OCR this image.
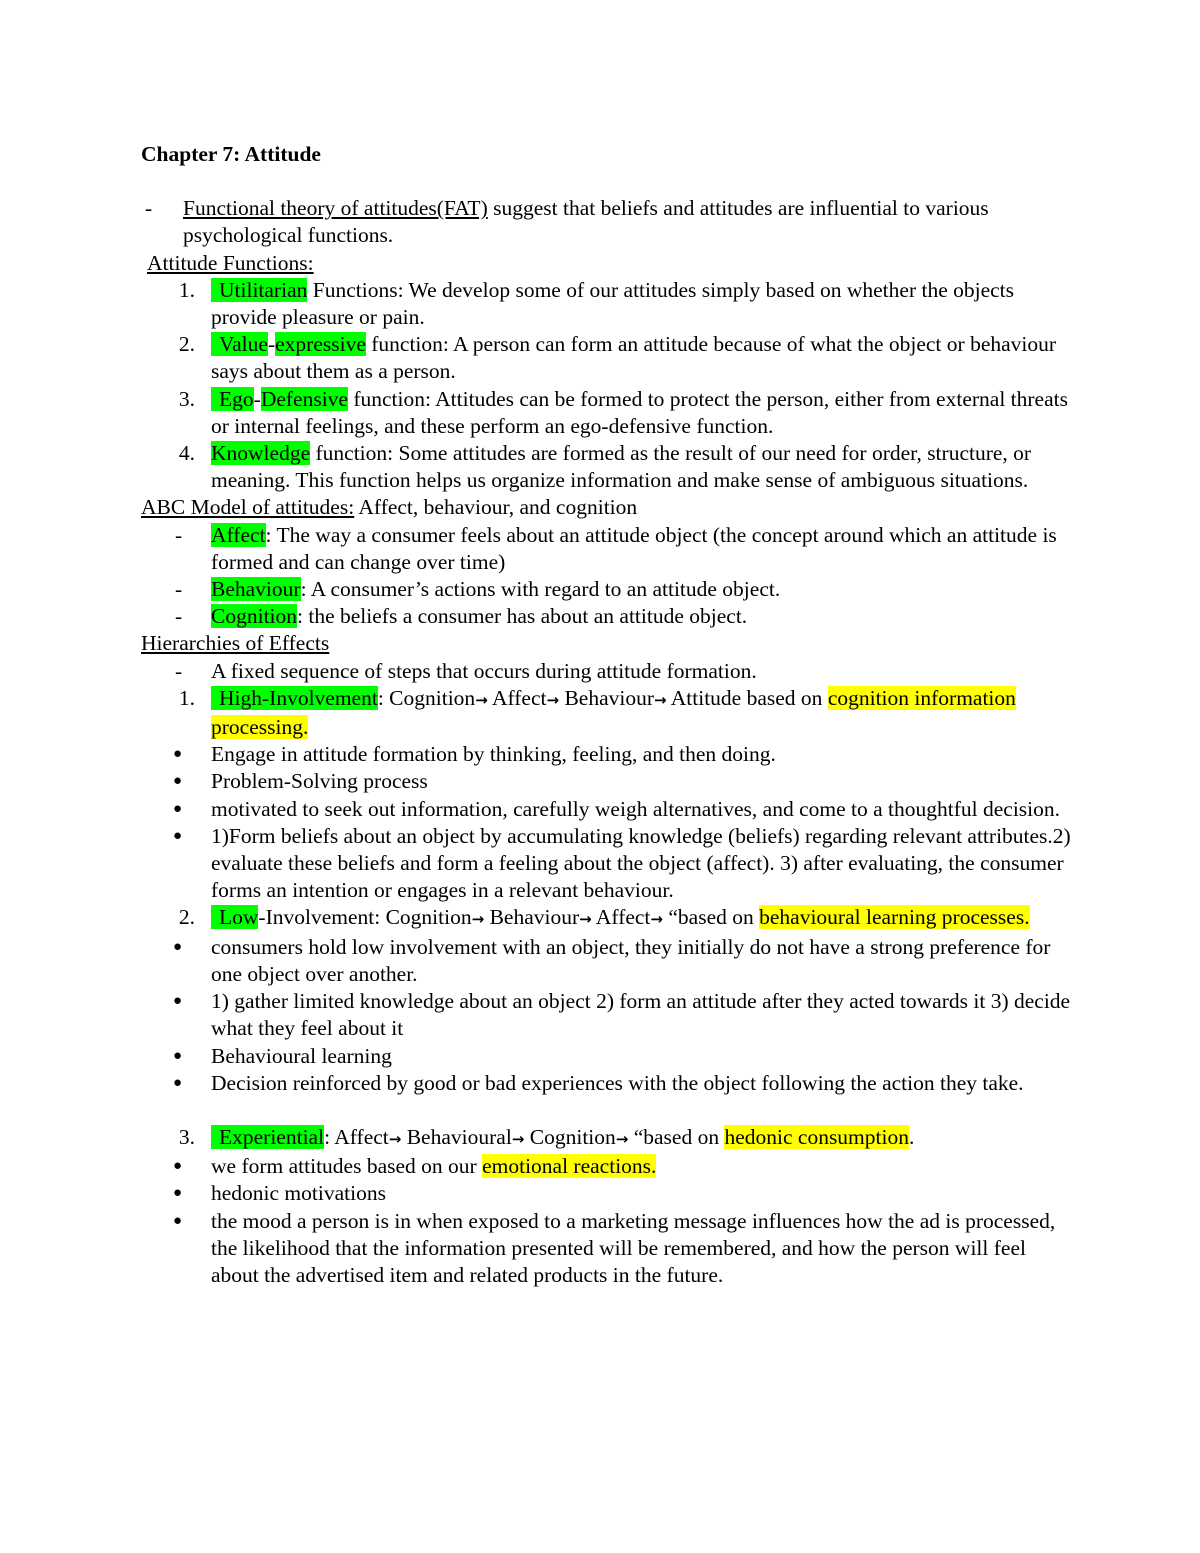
Chapter 7: Attitude
- Functional theory of attitudes(FAT) suggest that beliefs and attitudes are influential to various psychological functions.
Attitude Functions:
1. Utilitarian Functions: We develop some of our attitudes simply based on whether the objects provide pleasure or pain.
2. Value-expressive function: A person can form an attitude because of what the object or behaviour says about them as a person.
3. Ego-Defensive function: Attitudes can be formed to protect the person, either from external threats or internal feelings, and these perform an ego-defensive function.
4. Knowledge function: Some attitudes are formed as the result of our need for order, structure, or meaning. This function helps us organize information and make sense of ambiguous situations.
ABC Model of attitudes: Affect, behaviour, and cognition
- Affect: The way a consumer feels about an attitude object (the concept around which an attitude is formed and can change over time)
- Behaviour: A consumer’s actions with regard to an attitude object.
- Cognition: the beliefs a consumer has about an attitude object.
Hierarchies of Effects
- A fixed sequence of steps that occurs during attitude formation.
1. High-Involvement: Cognition→ Affect→ Behaviour→ Attitude based on cognition information processing.
● Engage in attitude formation by thinking, feeling, and then doing.
● Problem-Solving process
● motivated to seek out information, carefully weigh alternatives, and come to a thoughtful decision.
● 1)Form beliefs about an object by accumulating knowledge (beliefs) regarding relevant attributes.2) evaluate these beliefs and form a feeling about the object (affect). 3) after evaluating, the consumer forms an intention or engages in a relevant behaviour.
2. Low-Involvement: Cognition→ Behaviour→ Affect→ “based on behavioural learning processes.
● consumers hold low involvement with an object, they initially do not have a strong preference for one object over another.
● 1) gather limited knowledge about an object 2) form an attitude after they acted towards it 3) decide what they feel about it
● Behavioural learning
● Decision reinforced by good or bad experiences with the object following the action they take.
3. Experiential: Affect→ Behavioural→ Cognition→ “based on hedonic consumption.
● we form attitudes based on our emotional reactions.
● hedonic motivations
● the mood a person is in when exposed to a marketing message influences how the ad is processed, the likelihood that the information presented will be remembered, and how the person will feel about the advertised item and related products in the future.
